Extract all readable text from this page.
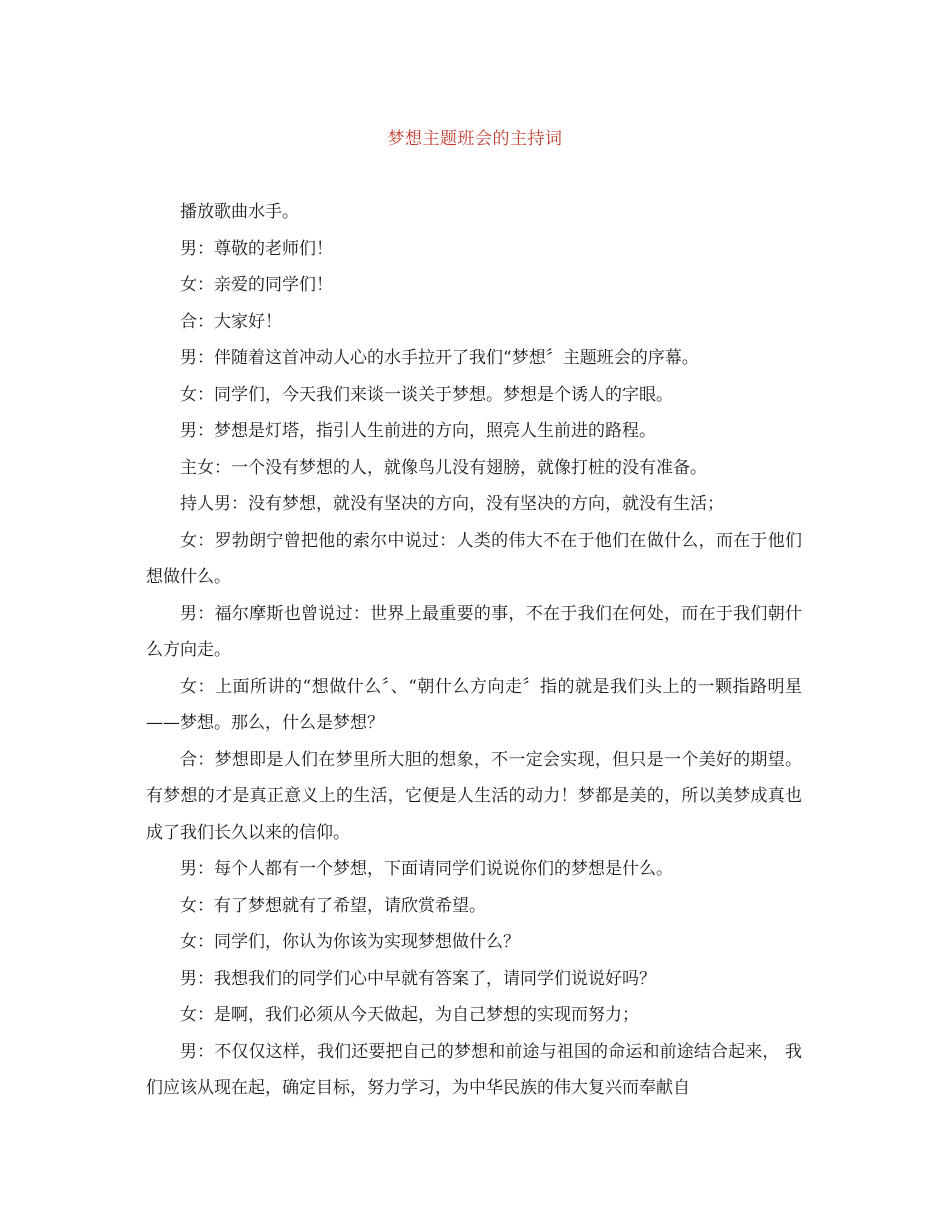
梦想主题班会的主持词

播放歌曲水手。

男：尊敬的老师们！

女：亲爱的同学们！

合：大家好！

男：伴随着这首冲动人心的水手拉开了我们“梦想〞主题班会的序幕。

女：同学们，今天我们来谈一谈关于梦想。梦想是个诱人的字眼。

男：梦想是灯塔，指引人生前进的方向，照亮人生前进的路程。

主女：一个没有梦想的人，就像鸟儿没有翅膀，就像打桩的没有准备。

持人男：没有梦想，就没有坚决的方向，没有坚决的方向，就没有生活；

女：罗勃朗宁曾把他的索尔中说过：人类的伟大不在于他们在做什么，而在于他们想做什么。

男：福尔摩斯也曾说过：世界上最重要的事，不在于我们在何处，而在于我们朝什么方向走。

女：上面所讲的“想做什么〞、“朝什么方向走〞指的就是我们头上的一颗指路明星——梦想。那么，什么是梦想？

合：梦想即是人们在梦里所大胆的想象，不一定会实现，但只是一个美好的期望。有梦想的才是真正意义上的生活，它便是人生活的动力！梦都是美的，所以美梦成真也成了我们长久以来的信仰。

男：每个人都有一个梦想，下面请同学们说说你们的梦想是什么。

女：有了梦想就有了希望，请欣赏希望。

女：同学们，你认为你该为实现梦想做什么？

男：我想我们的同学们心中早就有答案了，请同学们说说好吗？

女：是啊，我们必须从今天做起，为自己梦想的实现而努力；

男：不仅仅这样，我们还要把自己的梦想和前途与祖国的命运和前途结合起来， 我们应该从现在起，确定目标，努力学习，为中华民族的伟大复兴而奉献自
